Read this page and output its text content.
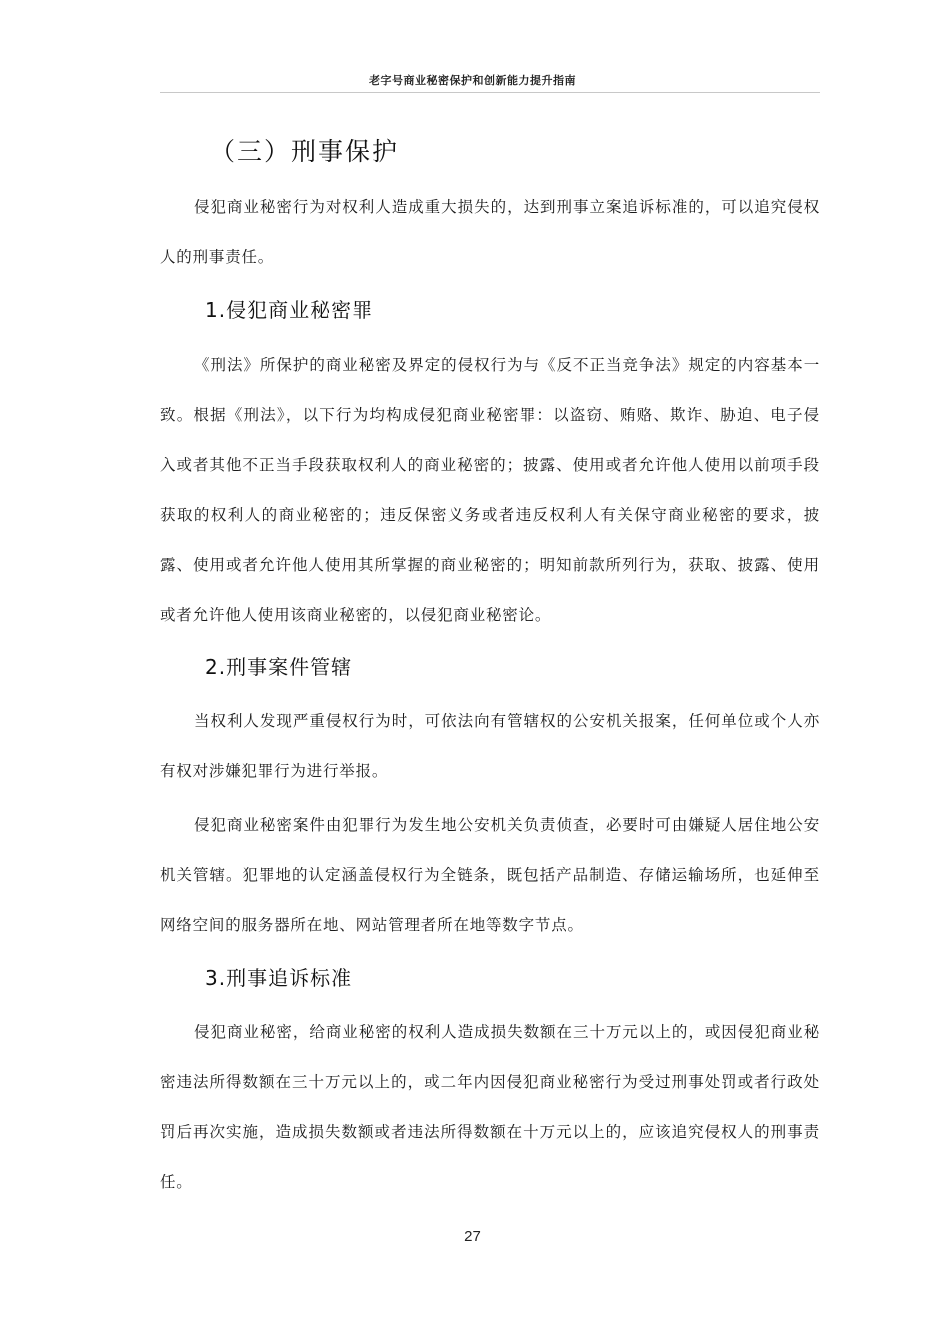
老字号商业秘密保护和创新能力提升指南
（三）刑事保护

侵犯商业秘密行为对权利人造成重大损失的，达到刑事立案追诉标准的，可以追究侵权人的刑事责任。

1.侵犯商业秘密罪

《刑法》所保护的商业秘密及界定的侵权行为与《反不正当竞争法》规定的内容基本一致。根据《刑法》，以下行为均构成侵犯商业秘密罪：以盗窃、贿赂、欺诈、胁迫、电子侵入或者其他不正当手段获取权利人的商业秘密的；披露、使用或者允许他人使用以前项手段获取的权利人的商业秘密的；违反保密义务或者违反权利人有关保守商业秘密的要求，披露、使用或者允许他人使用其所掌握的商业秘密的；明知前款所列行为，获取、披露、使用或者允许他人使用该商业秘密的，以侵犯商业秘密论。

2.刑事案件管辖

当权利人发现严重侵权行为时，可依法向有管辖权的公安机关报案，任何单位或个人亦有权对涉嫌犯罪行为进行举报。

侵犯商业秘密案件由犯罪行为发生地公安机关负责侦查，必要时可由嫌疑人居住地公安机关管辖。犯罪地的认定涵盖侵权行为全链条，既包括产品制造、存储运输场所，也延伸至网络空间的服务器所在地、网站管理者所在地等数字节点。

3.刑事追诉标准

侵犯商业秘密，给商业秘密的权利人造成损失数额在三十万元以上的，或因侵犯商业秘密违法所得数额在三十万元以上的，或二年内因侵犯商业秘密行为受过刑事处罚或者行政处罚后再次实施，造成损失数额或者违法所得数额在十万元以上的，应该追究侵权人的刑事责任。

27
